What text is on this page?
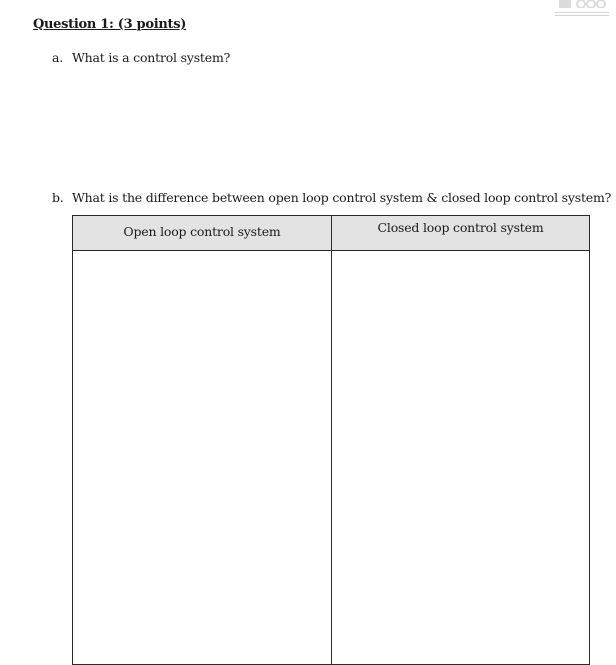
Question 1: (3 points)
a. What is a control system?
b. What is the difference between open loop control system & closed loop control system?
Open loop control system	Closed loop control system
